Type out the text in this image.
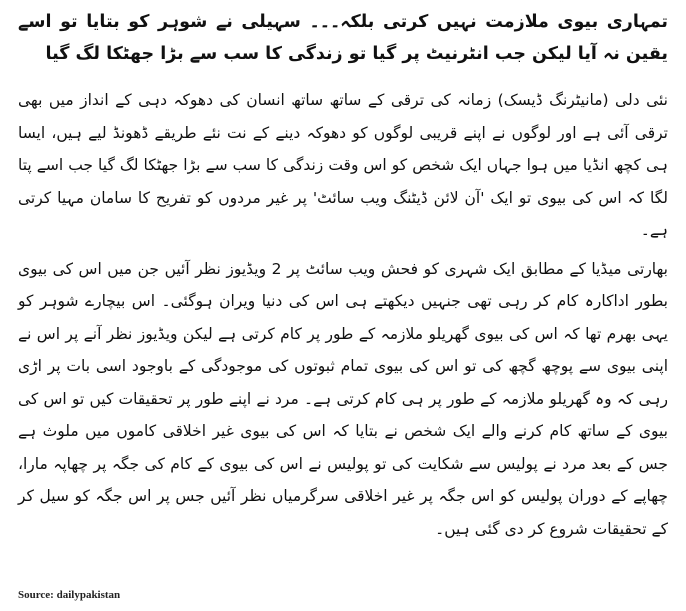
تمہاری بیوی ملازمت نہیں کرتی بلکہ۔۔۔ سہیلی نے شوہر کو بتایا تو اسے یقین نہ آیا لیکن جب انٹرنیٹ پر گیا تو زندگی کا سب سے بڑا جھٹکا لگ گیا

نئی دلی (مانیٹرنگ ڈیسک) زمانہ کی ترقی کے ساتھ ساتھ انسان کی دھوکہ دہی کے انداز میں بھی ترقی آئی ہے اور لوگوں نے اپنے قریبی لوگوں کو دھوکہ دینے کے نت نئے طریقے ڈھونڈ لیے ہیں، ایسا ہی کچھ انڈیا میں ہوا جہاں ایک شخص کو اس وقت زندگی کا سب سے بڑا جھٹکا لگ گیا جب اسے پتا لگا کہ اس کی بیوی تو ایک 'آن لائن ڈیٹنگ ویب سائٹ' پر غیر مردوں کو تفریح کا سامان مہیا کرتی ہے۔

بھارتی میڈیا کے مطابق ایک شہری کو فحش ویب سائٹ پر 2 ویڈیوز نظر آئیں جن میں اس کی بیوی بطور اداکارہ کام کر رہی تھی جنہیں دیکھتے ہی اس کی دنیا ویران ہوگئی۔ اس بیچارے شوہر کو یہی بھرم تھا کہ اس کی بیوی گھریلو ملازمہ کے طور پر کام کرتی ہے لیکن ویڈیوز نظر آنے پر اس نے اپنی بیوی سے پوچھ گچھ کی تو اس کی بیوی تمام ثبوتوں کی موجودگی کے باوجود اسی بات پر اڑی رہی کہ وہ گھریلو ملازمہ کے طور پر ہی کام کرتی ہے۔ مرد نے اپنے طور پر تحقیقات کیں تو اس کی بیوی کے ساتھ کام کرنے والے ایک شخص نے بتایا کہ اس کی بیوی غیر اخلاقی کاموں میں ملوث ہے جس کے بعد مرد نے پولیس سے شکایت کی تو پولیس نے اس کی بیوی کے کام کی جگہ پر چھاپہ مارا، چھاپے کے دوران پولیس کو اس جگہ پر غیر اخلاقی سرگرمیاں نظر آئیں جس پر اس جگہ کو سیل کر کے تحقیقات شروع کر دی گئی ہیں۔

Source: dailypakistan
